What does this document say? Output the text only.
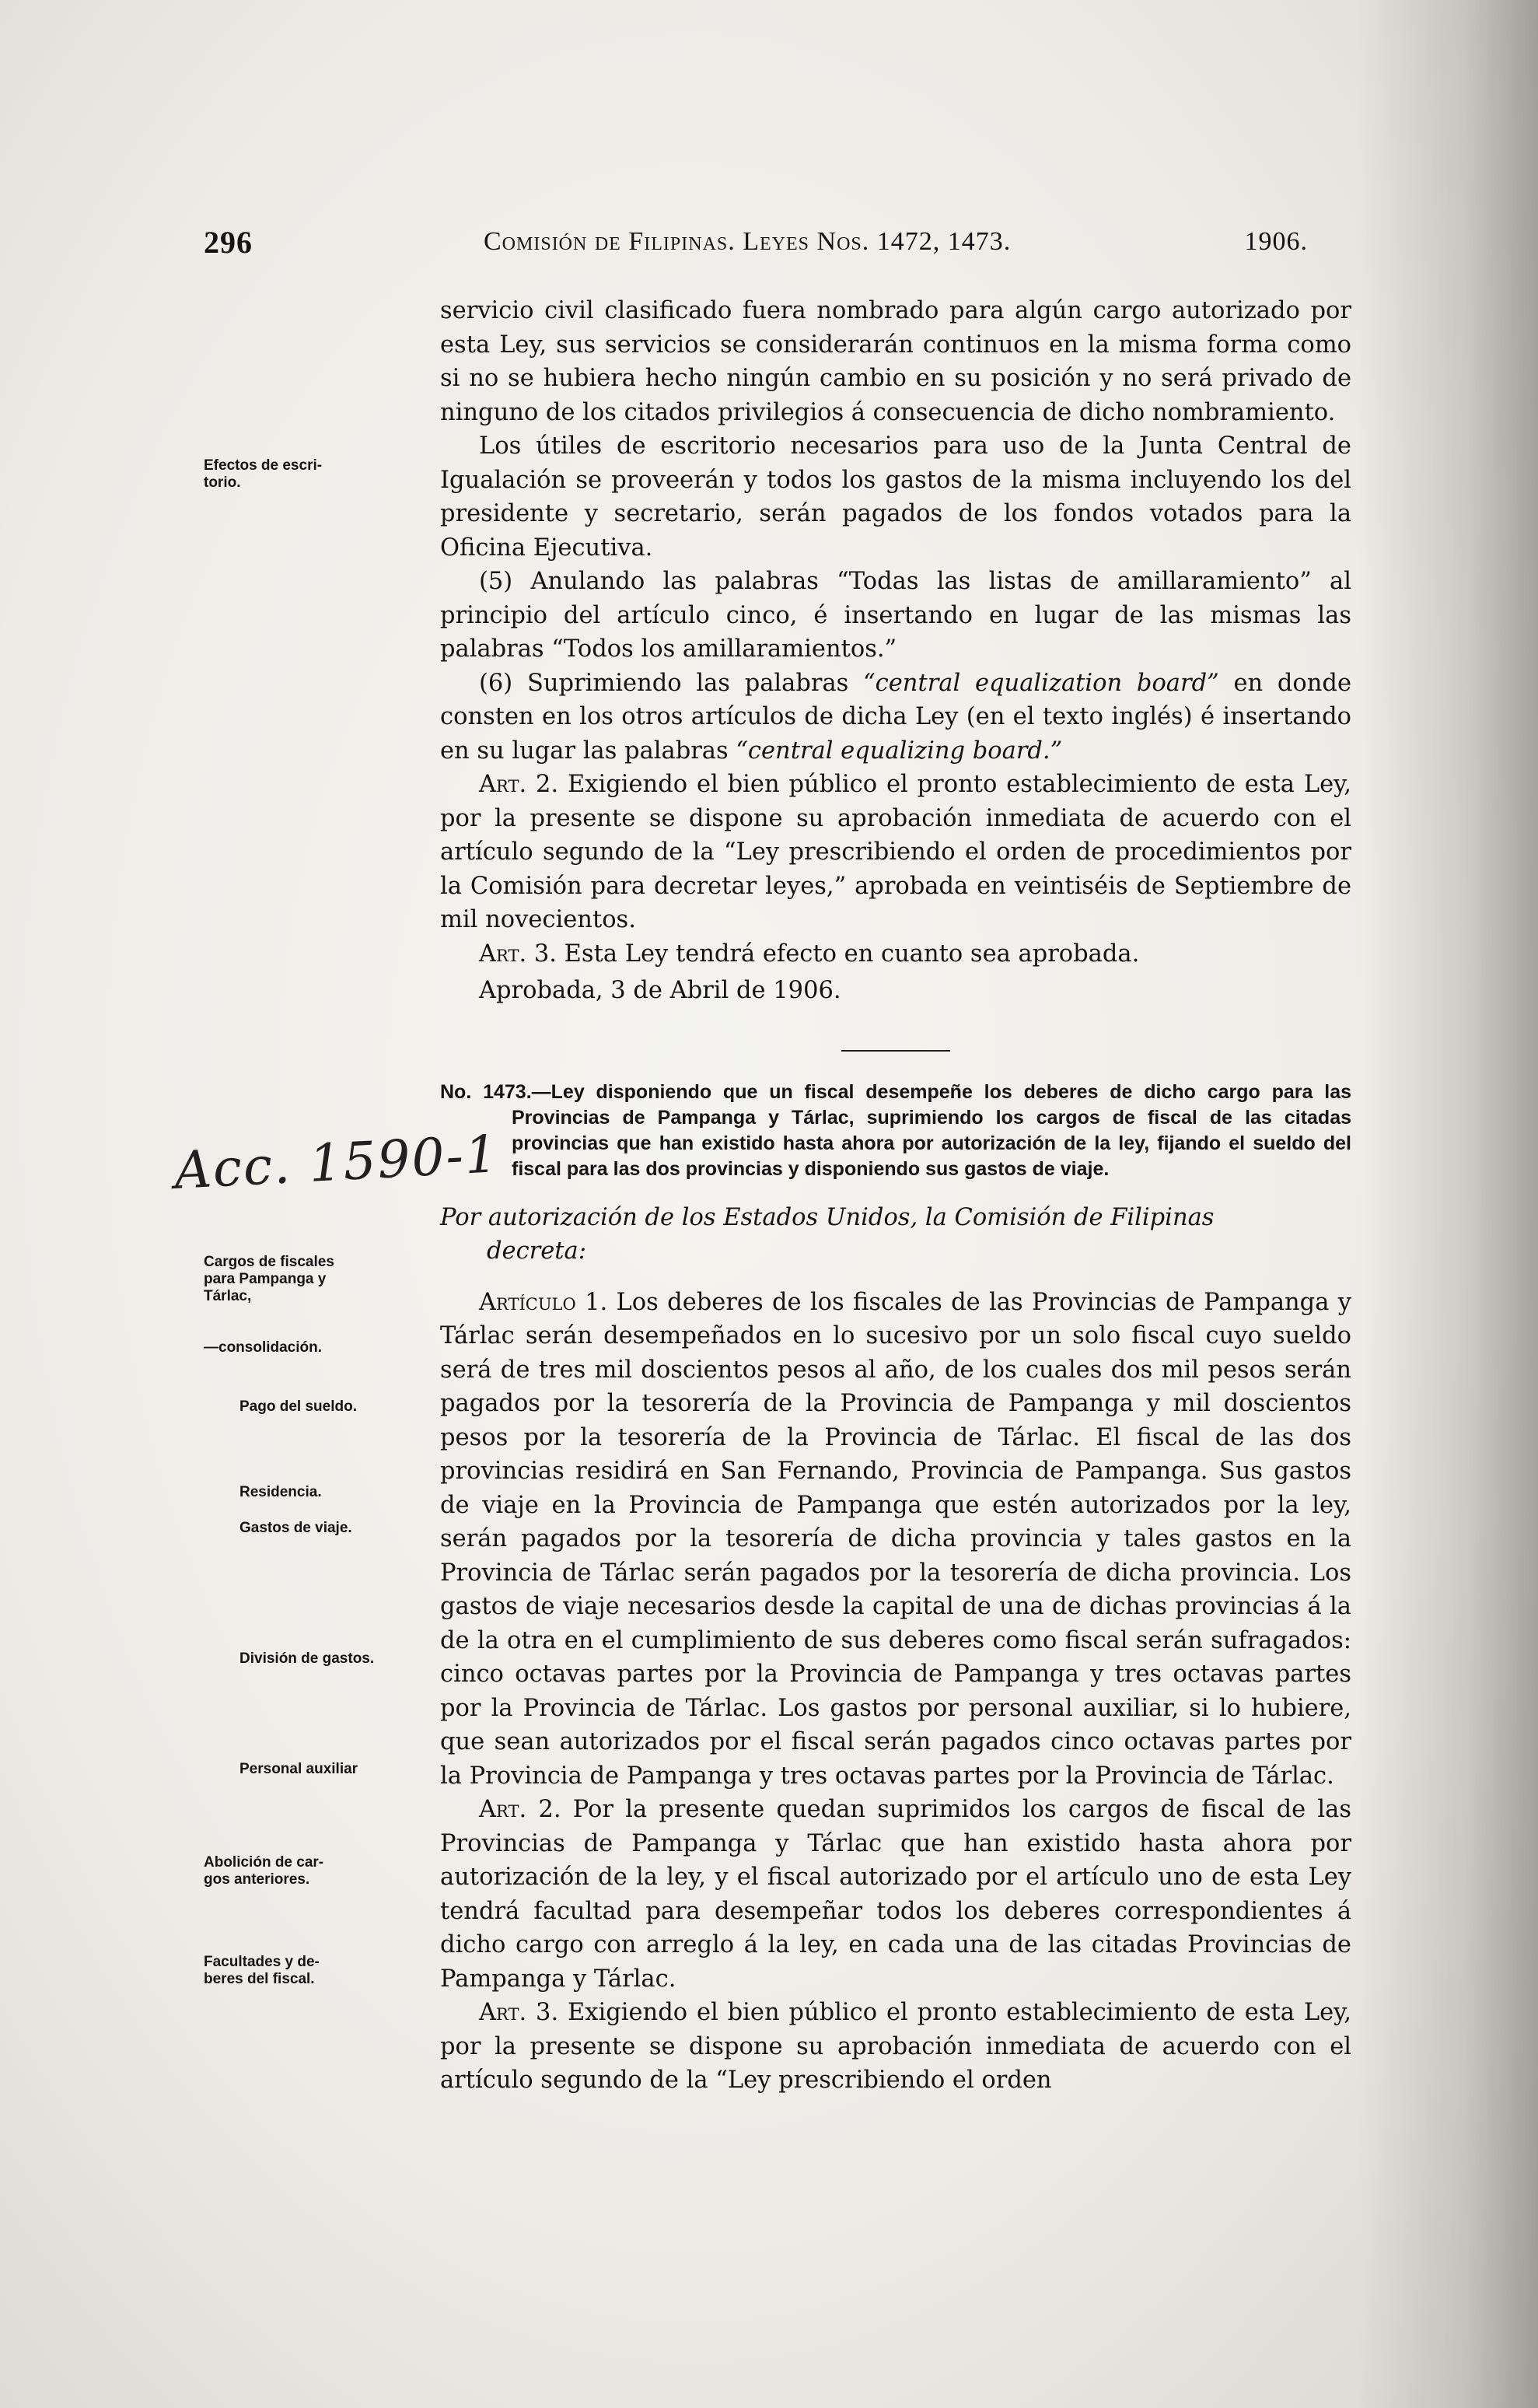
296	Comisión de Filipinas. Leyes Nos. 1472, 1473.	1906.
Efectos de escri-
torio.
Cargos de fiscales
para Pampanga y
Tárlac,
—consolidación.
Pago del sueldo.
Residencia.
Gastos de viaje.
División de gastos.
Personal auxiliar
Abolición de car-
gos anteriores.
Facultades y de-
beres del fiscal.
Acc. 1590-1

servicio civil clasificado fuera nombrado para algún cargo autorizado por esta Ley, sus servicios se considerarán continuos en la misma forma como si no se hubiera hecho ningún cambio en su posición y no será privado de ninguno de los citados privilegios á consecuencia de dicho nombramiento.

Los útiles de escritorio necesarios para uso de la Junta Central de Igualación se proveerán y todos los gastos de la misma incluyendo los del presidente y secretario, serán pagados de los fondos votados para la Oficina Ejecutiva.

(5) Anulando las palabras “Todas las listas de amillaramiento” al principio del artículo cinco, é insertando en lugar de las mismas las palabras “Todos los amillaramientos.”

(6) Suprimiendo las palabras “central equalization board” en donde consten en los otros artículos de dicha Ley (en el texto inglés) é insertando en su lugar las palabras “central equalizing board.”

Art. 2. Exigiendo el bien público el pronto establecimiento de esta Ley, por la presente se dispone su aprobación inmediata de acuerdo con el artículo segundo de la “Ley prescribiendo el orden de procedimientos por la Comisión para decretar leyes,” aprobada en veintiséis de Septiembre de mil novecientos.

Art. 3. Esta Ley tendrá efecto en cuanto sea aprobada.

Aprobada, 3 de Abril de 1906.

No. 1473.—Ley disponiendo que un fiscal desempeñe los deberes de dicho cargo para las Provincias de Pampanga y Tárlac, suprimiendo los cargos de fiscal de las citadas provincias que han existido hasta ahora por autorización de la ley, fijando el sueldo del fiscal para las dos provincias y disponiendo sus gastos de viaje.

Por autorización de los Estados Unidos, la Comisión de Filipinas
decreta:

Artículo 1. Los deberes de los fiscales de las Provincias de Pampanga y Tárlac serán desempeñados en lo sucesivo por un solo fiscal cuyo sueldo será de tres mil doscientos pesos al año, de los cuales dos mil pesos serán pagados por la tesorería de la Provincia de Pampanga y mil doscientos pesos por la tesorería de la Provincia de Tárlac. El fiscal de las dos provincias residirá en San Fernando, Provincia de Pampanga. Sus gastos de viaje en la Provincia de Pampanga que estén autorizados por la ley, serán pagados por la tesorería de dicha provincia y tales gastos en la Provincia de Tárlac serán pagados por la tesorería de dicha provincia. Los gastos de viaje necesarios desde la capital de una de dichas provincias á la de la otra en el cumplimiento de sus deberes como fiscal serán sufragados: cinco octavas partes por la Provincia de Pampanga y tres octavas partes por la Provincia de Tárlac. Los gastos por personal auxiliar, si lo hubiere, que sean autorizados por el fiscal serán pagados cinco octavas partes por la Provincia de Pampanga y tres octavas partes por la Provincia de Tárlac.

Art. 2. Por la presente quedan suprimidos los cargos de fiscal de las Provincias de Pampanga y Tárlac que han existido hasta ahora por autorización de la ley, y el fiscal autorizado por el artículo uno de esta Ley tendrá facultad para desempeñar todos los deberes correspondientes á dicho cargo con arreglo á la ley, en cada una de las citadas Provincias de Pampanga y Tárlac.

Art. 3. Exigiendo el bien público el pronto establecimiento de esta Ley, por la presente se dispone su aprobación inmediata de acuerdo con el artículo segundo de la “Ley prescribiendo el orden
